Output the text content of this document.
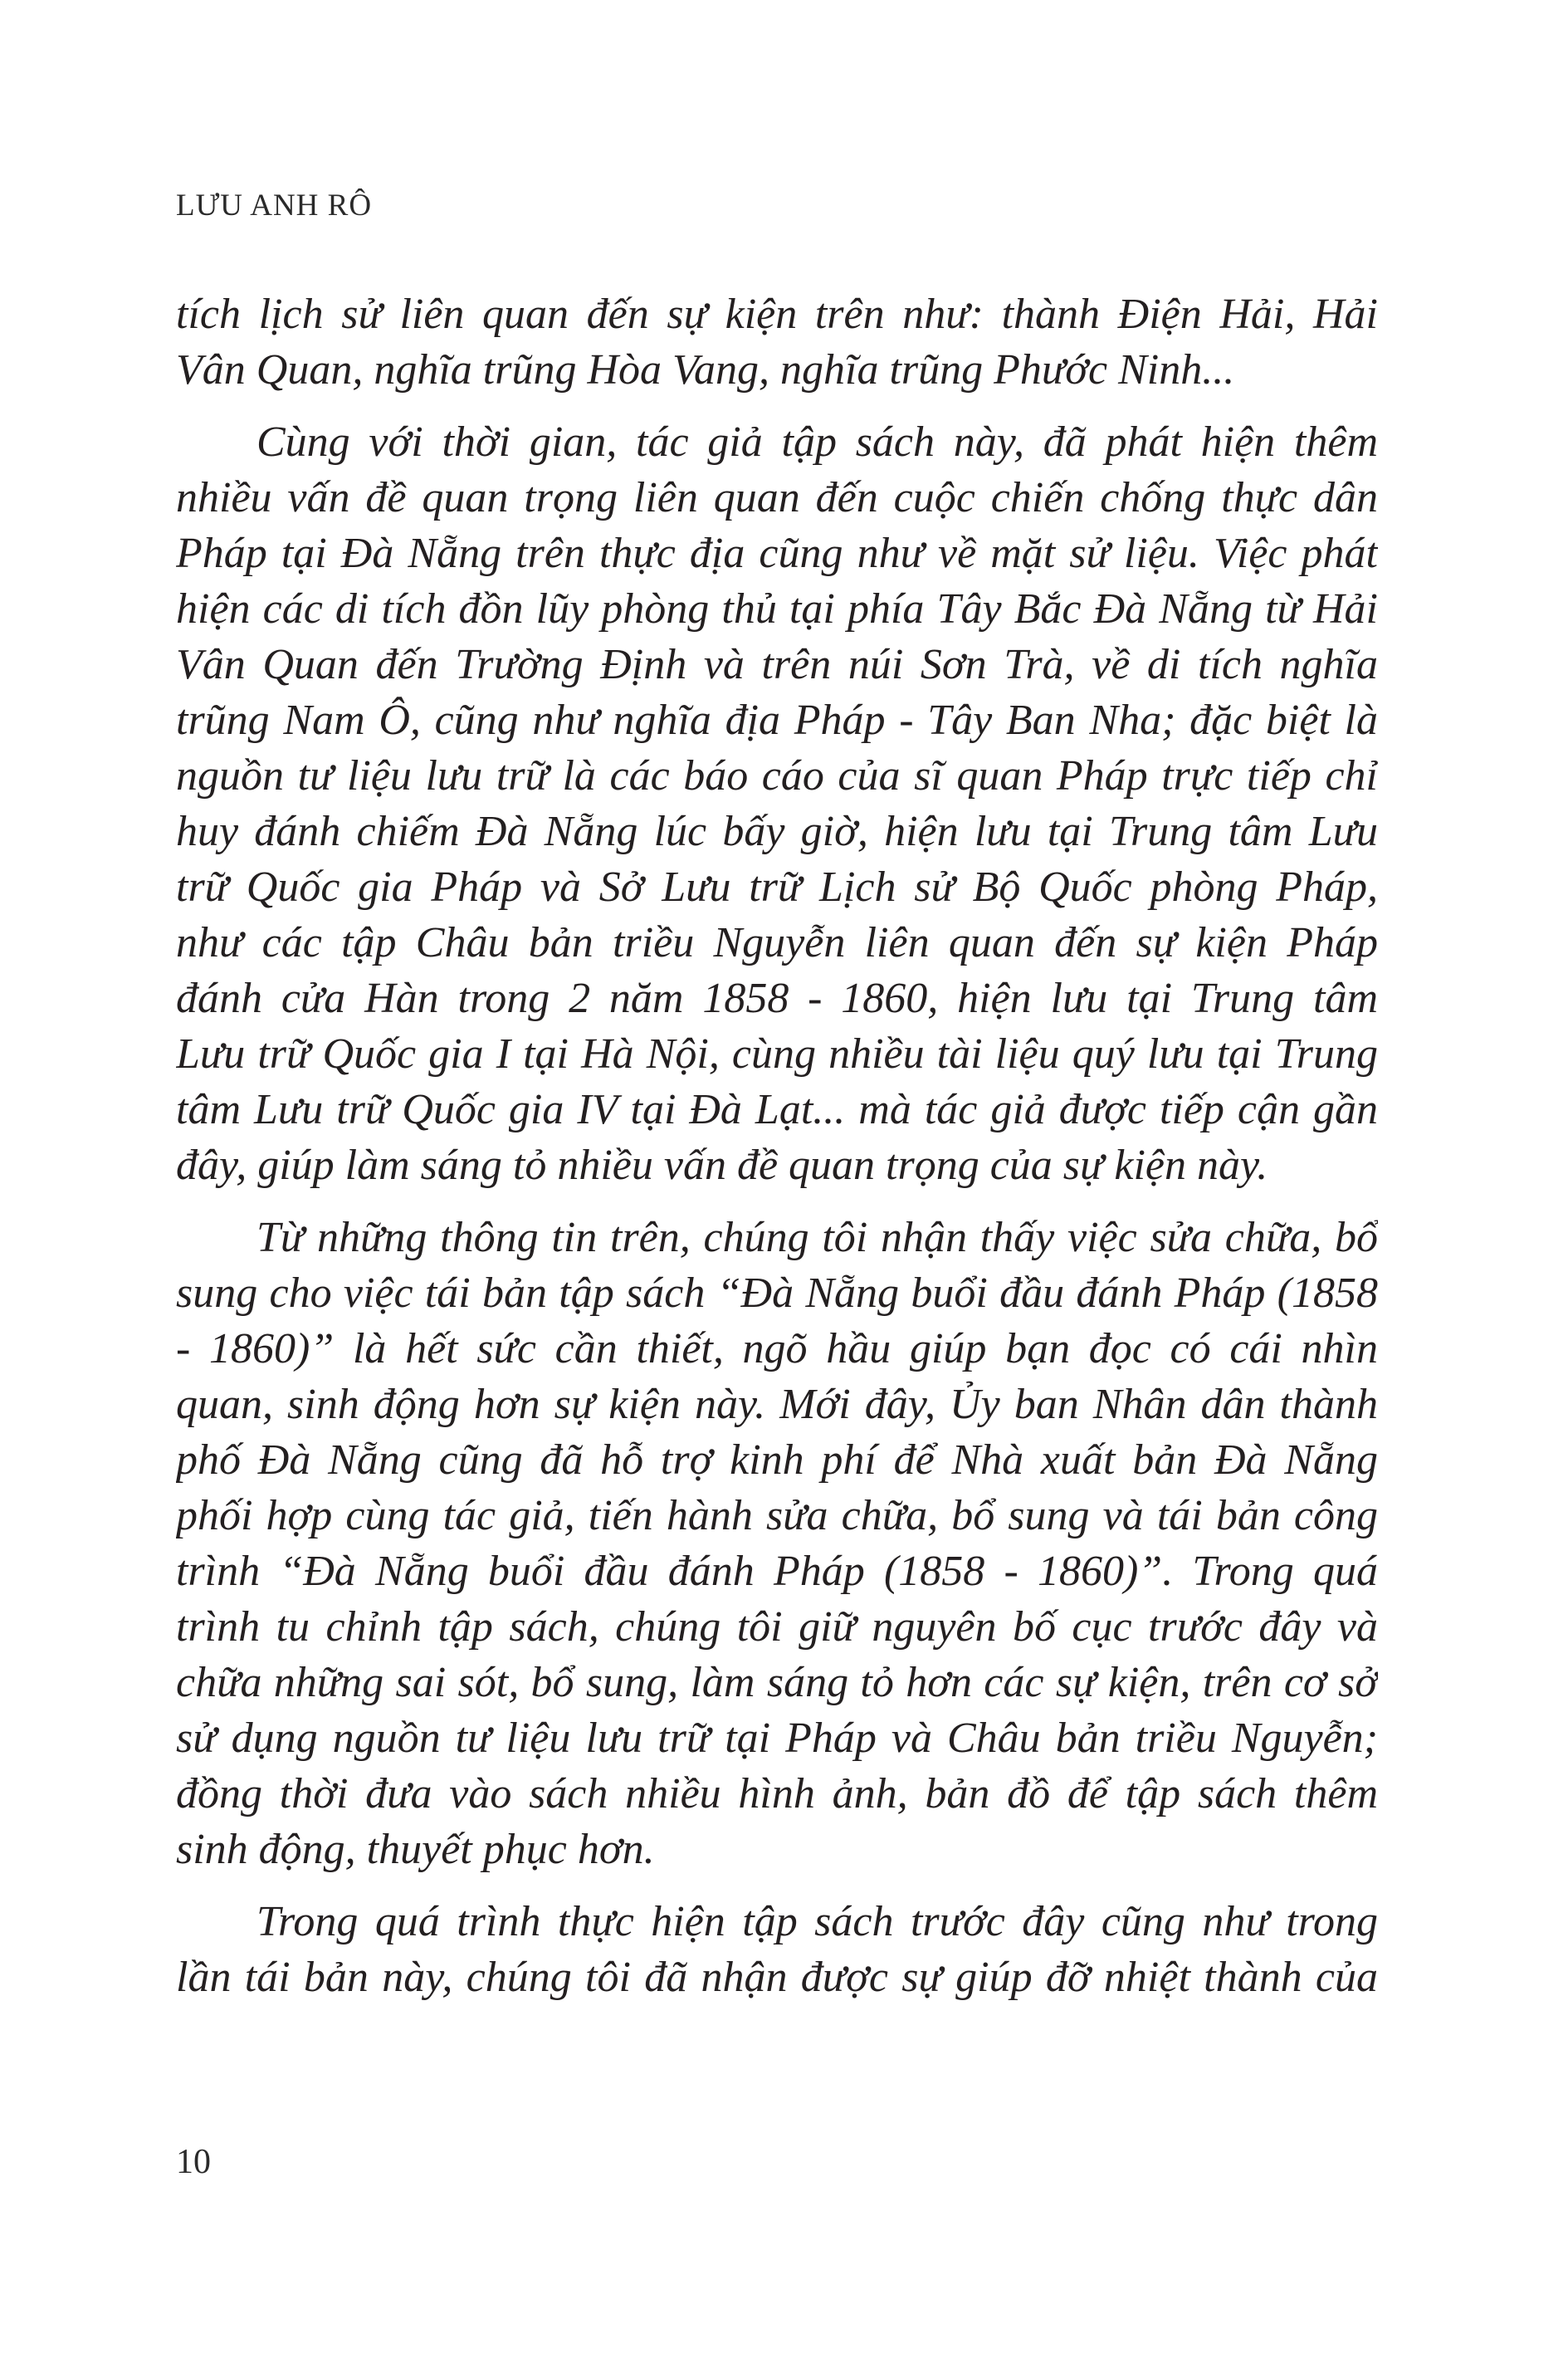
LƯU ANH RÔ
tích lịch sử liên quan đến sự kiện trên như: thành Điện Hải, Hải
Vân Quan, nghĩa trũng Hòa Vang, nghĩa trũng Phước Ninh...
Cùng với thời gian, tác giả tập sách này, đã phát hiện thêm
nhiều vấn đề quan trọng liên quan đến cuộc chiến chống thực dân
Pháp tại Đà Nẵng trên thực địa cũng như về mặt sử liệu. Việc phát
hiện các di tích đồn lũy phòng thủ tại phía Tây Bắc Đà Nẵng từ Hải
Vân Quan đến Trường Định và trên núi Sơn Trà, về di tích nghĩa
trũng Nam Ô, cũng như nghĩa địa Pháp - Tây Ban Nha; đặc biệt là
nguồn tư liệu lưu trữ là các báo cáo của sĩ quan Pháp trực tiếp chỉ
huy đánh chiếm Đà Nẵng lúc bấy giờ, hiện lưu tại Trung tâm Lưu
trữ Quốc gia Pháp và Sở Lưu trữ Lịch sử Bộ Quốc phòng Pháp,
như các tập Châu bản triều Nguyễn liên quan đến sự kiện Pháp
đánh cửa Hàn trong 2 năm 1858 - 1860, hiện lưu tại Trung tâm
Lưu trữ Quốc gia I tại Hà Nội, cùng nhiều tài liệu quý lưu tại Trung
tâm Lưu trữ Quốc gia IV tại Đà Lạt... mà tác giả được tiếp cận gần
đây, giúp làm sáng tỏ nhiều vấn đề quan trọng của sự kiện này.
Từ những thông tin trên, chúng tôi nhận thấy việc sửa chữa, bổ
sung cho việc tái bản tập sách “Đà Nẵng buổi đầu đánh Pháp (1858
- 1860)” là hết sức cần thiết, ngõ hầu giúp bạn đọc có cái nhìn
quan, sinh động hơn sự kiện này. Mới đây, Ủy ban Nhân dân thành
phố Đà Nẵng cũng đã hỗ trợ kinh phí để Nhà xuất bản Đà Nẵng
phối hợp cùng tác giả, tiến hành sửa chữa, bổ sung và tái bản công
trình “Đà Nẵng buổi đầu đánh Pháp (1858 - 1860)”. Trong quá
trình tu chỉnh tập sách, chúng tôi giữ nguyên bố cục trước đây và
chữa những sai sót, bổ sung, làm sáng tỏ hơn các sự kiện, trên cơ sở
sử dụng nguồn tư liệu lưu trữ tại Pháp và Châu bản triều Nguyễn;
đồng thời đưa vào sách nhiều hình ảnh, bản đồ để tập sách thêm
sinh động, thuyết phục hơn.
Trong quá trình thực hiện tập sách trước đây cũng như trong
lần tái bản này, chúng tôi đã nhận được sự giúp đỡ nhiệt thành của
10
